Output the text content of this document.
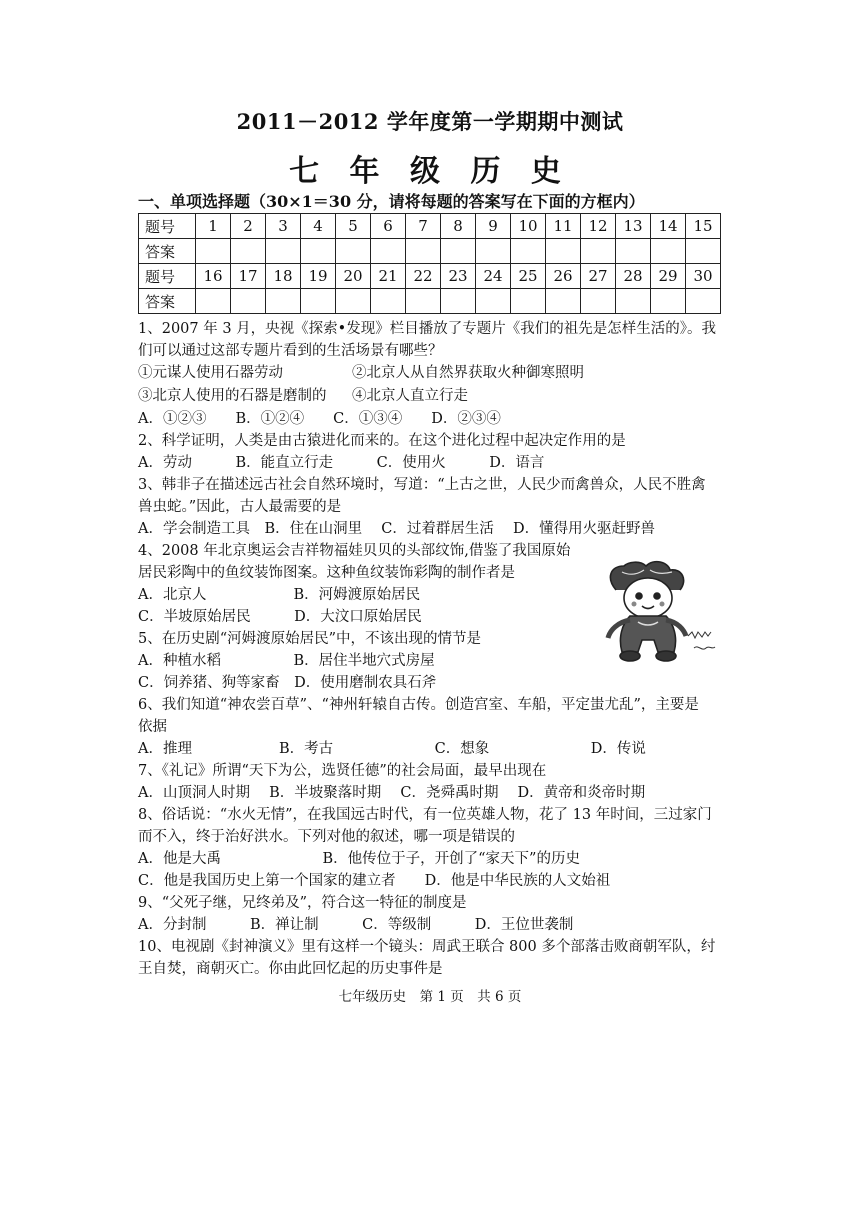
2011－2012 学年度第一学期期中测试
七 年 级 历 史
一、单项选择题（30×1＝30 分，请将每题的答案写在下面的方框内）
题号	1	2	3	4	5	6	7	8	9	10	11	12	13	14	15
答案															
题号	16	17	18	19	20	21	22	23	24	25	26	27	28	29	30
答案															
1、2007 年 3 月，央视《探索•发现》栏目播放了专题片《我们的祖先是怎样生活的》。我
们可以通过这部专题片看到的生活场景有哪些？
①元谋人使用石器劳动	②北京人从自然界获取火种御寒照明
③北京人使用的石器是磨制的 ④北京人直立行走
A．①②③　　B．①②④　　C．①③④　　D．②③④
2、科学证明，人类是由古猿进化而来的。在这个进化过程中起决定作用的是
A．劳动　　　B．能直立行走　　　C．使用火　　　D．语言
3、韩非子在描述远古社会自然环境时，写道：“上古之世，人民少而禽兽众，人民不胜禽
兽虫蛇。”因此，古人最需要的是
A．学会制造工具　B．住在山洞里　 C．过着群居生活　 D．懂得用火驱赶野兽
4、2008 年北京奥运会吉祥物福娃贝贝的头部纹饰,借鉴了我国原始
居民彩陶中的鱼纹装饰图案。这种鱼纹装饰彩陶的制作者是
A．北京人　　　　　　B．河姆渡原始居民
C．半坡原始居民　　　D．大汶口原始居民
5、在历史剧“河姆渡原始居民”中，不该出现的情节是
A．种植水稻　　　　　B．居住半地穴式房屋
C．饲养猪、狗等家畜　D．使用磨制农具石斧
6、我们知道“神农尝百草”、“神州轩辕自古传。创造宫室、车船，平定蚩尤乱”，主要是
依据
A．推理　　　　　　B．考古　　　　　　　C．想象　　　　　　　D．传说
7、《礼记》所谓“天下为公，选贤任德”的社会局面，最早出现在
A．山顶洞人时期　 B．半坡聚落时期　 C．尧舜禹时期　 D．黄帝和炎帝时期
8、俗话说：“水火无情”，在我国远古时代，有一位英雄人物，花了 13 年时间，三过家门
而不入，终于治好洪水。下列对他的叙述，哪一项是错误的
A．他是大禹　　　　　　　B．他传位于子，开创了“家天下”的历史
C．他是我国历史上第一个国家的建立者　　D．他是中华民族的人文始祖
9、“父死子继，兄终弟及”，符合这一特征的制度是
A．分封制　　　B．禅让制　　　C．等级制　　　D．王位世袭制
10、电视剧《封神演义》里有这样一个镜头：周武王联合 800 多个部落击败商朝军队，纣
王自焚，商朝灭亡。你由此回忆起的历史事件是
七年级历史　第 1 页　共 6 页
